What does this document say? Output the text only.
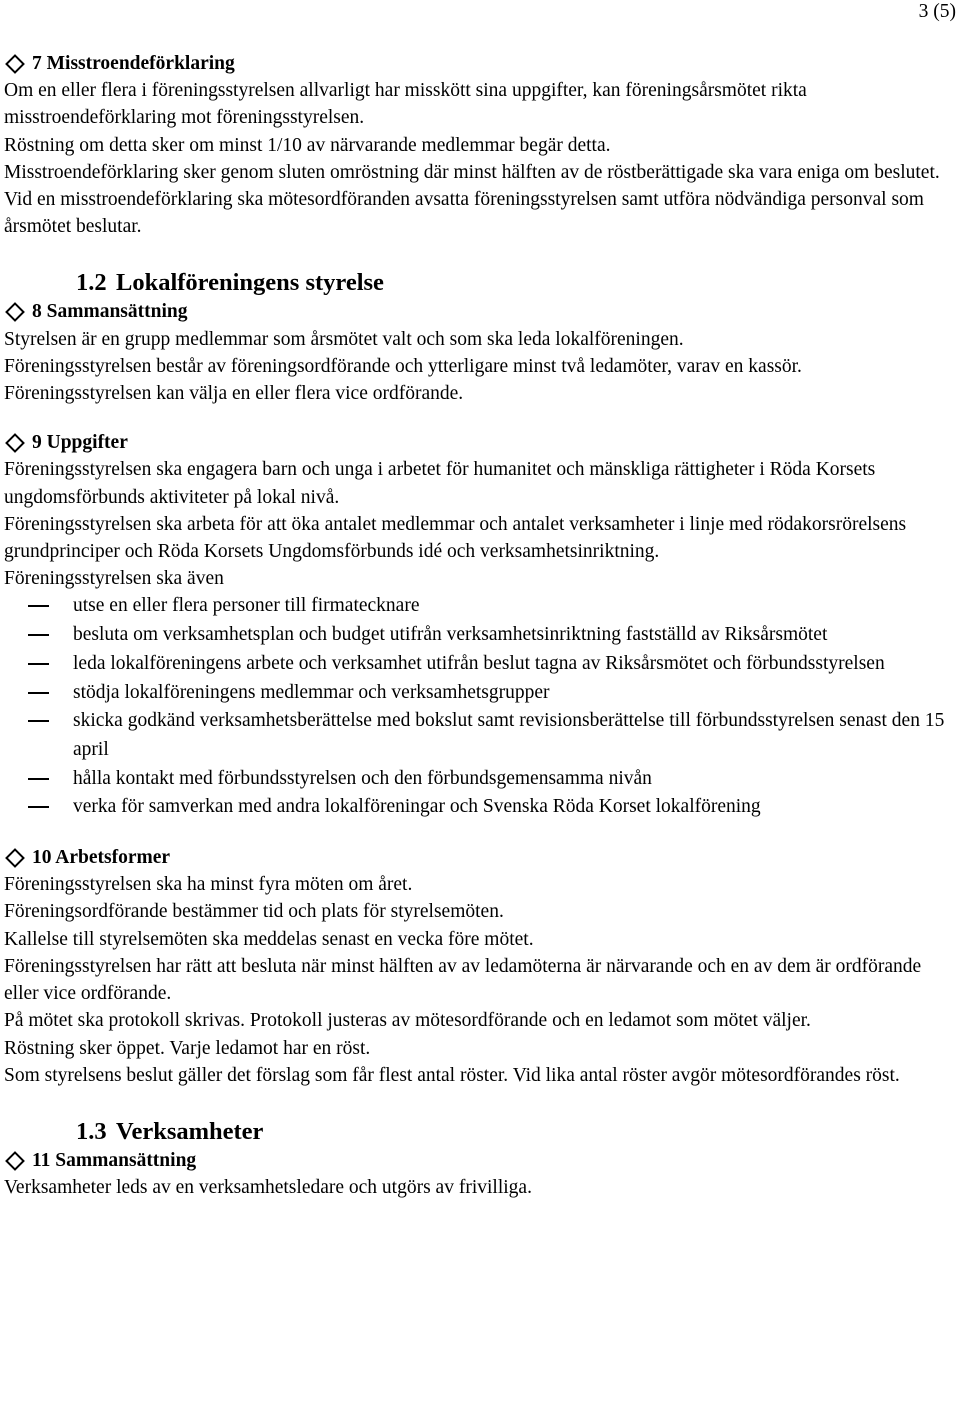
3 (5)
7 Misstroendeförklaring

Om en eller flera i föreningsstyrelsen allvarligt har misskött sina uppgifter, kan föreningsårsmötet rikta misstroendeförklaring mot föreningsstyrelsen.

Röstning om detta sker om minst 1/10 av närvarande medlemmar begär detta.

Misstroendeförklaring sker genom sluten omröstning där minst hälften av de röstberättigade ska vara eniga om beslutet.

Vid en misstroendeförklaring ska mötesordföranden avsatta föreningsstyrelsen samt utföra nödvändiga personval som årsmötet beslutar.

1.2 Lokalföreningens styrelse
8 Sammansättning

Styrelsen är en grupp medlemmar som årsmötet valt och som ska leda lokalföreningen.

Föreningsstyrelsen består av föreningsordförande och ytterligare minst två ledamöter, varav en kassör.

Föreningsstyrelsen kan välja en eller flera vice ordförande.

9 Uppgifter

Föreningsstyrelsen ska engagera barn och unga i arbetet för humanitet och mänskliga rättigheter i Röda Korsets ungdomsförbunds aktiviteter på lokal nivå.

Föreningsstyrelsen ska arbeta för att öka antalet medlemmar och antalet verksamheter i linje med rödakorsrörelsens grundprinciper och Röda Korsets Ungdomsförbunds idé och verksamhetsinriktning.

Föreningsstyrelsen ska även

utse en eller flera personer till firmatecknare
besluta om verksamhetsplan och budget utifrån verksamhetsinriktning fastställd av Riksårsmötet
leda lokalföreningens arbete och verksamhet utifrån beslut tagna av Riksårsmötet och förbundsstyrelsen
stödja lokalföreningens medlemmar och verksamhetsgrupper
skicka godkänd verksamhetsberättelse med bokslut samt revisionsberättelse till förbundsstyrelsen senast den 15 april
hålla kontakt med förbundsstyrelsen och den förbundsgemensamma nivån
verka för samverkan med andra lokalföreningar och Svenska Röda Korset lokalförening
10 Arbetsformer

Föreningsstyrelsen ska ha minst fyra möten om året.

Föreningsordförande bestämmer tid och plats för styrelsemöten.

Kallelse till styrelsemöten ska meddelas senast en vecka före mötet.

Föreningsstyrelsen har rätt att besluta när minst hälften av av ledamöterna är närvarande och en av dem är ordförande eller vice ordförande.

På mötet ska protokoll skrivas. Protokoll justeras av mötesordförande och en ledamot som mötet väljer.

Röstning sker öppet. Varje ledamot har en röst.

Som styrelsens beslut gäller det förslag som får flest antal röster. Vid lika antal röster avgör mötesordförandes röst.

1.3 Verksamheter
11 Sammansättning

Verksamheter leds av en verksamhetsledare och utgörs av frivilliga.
